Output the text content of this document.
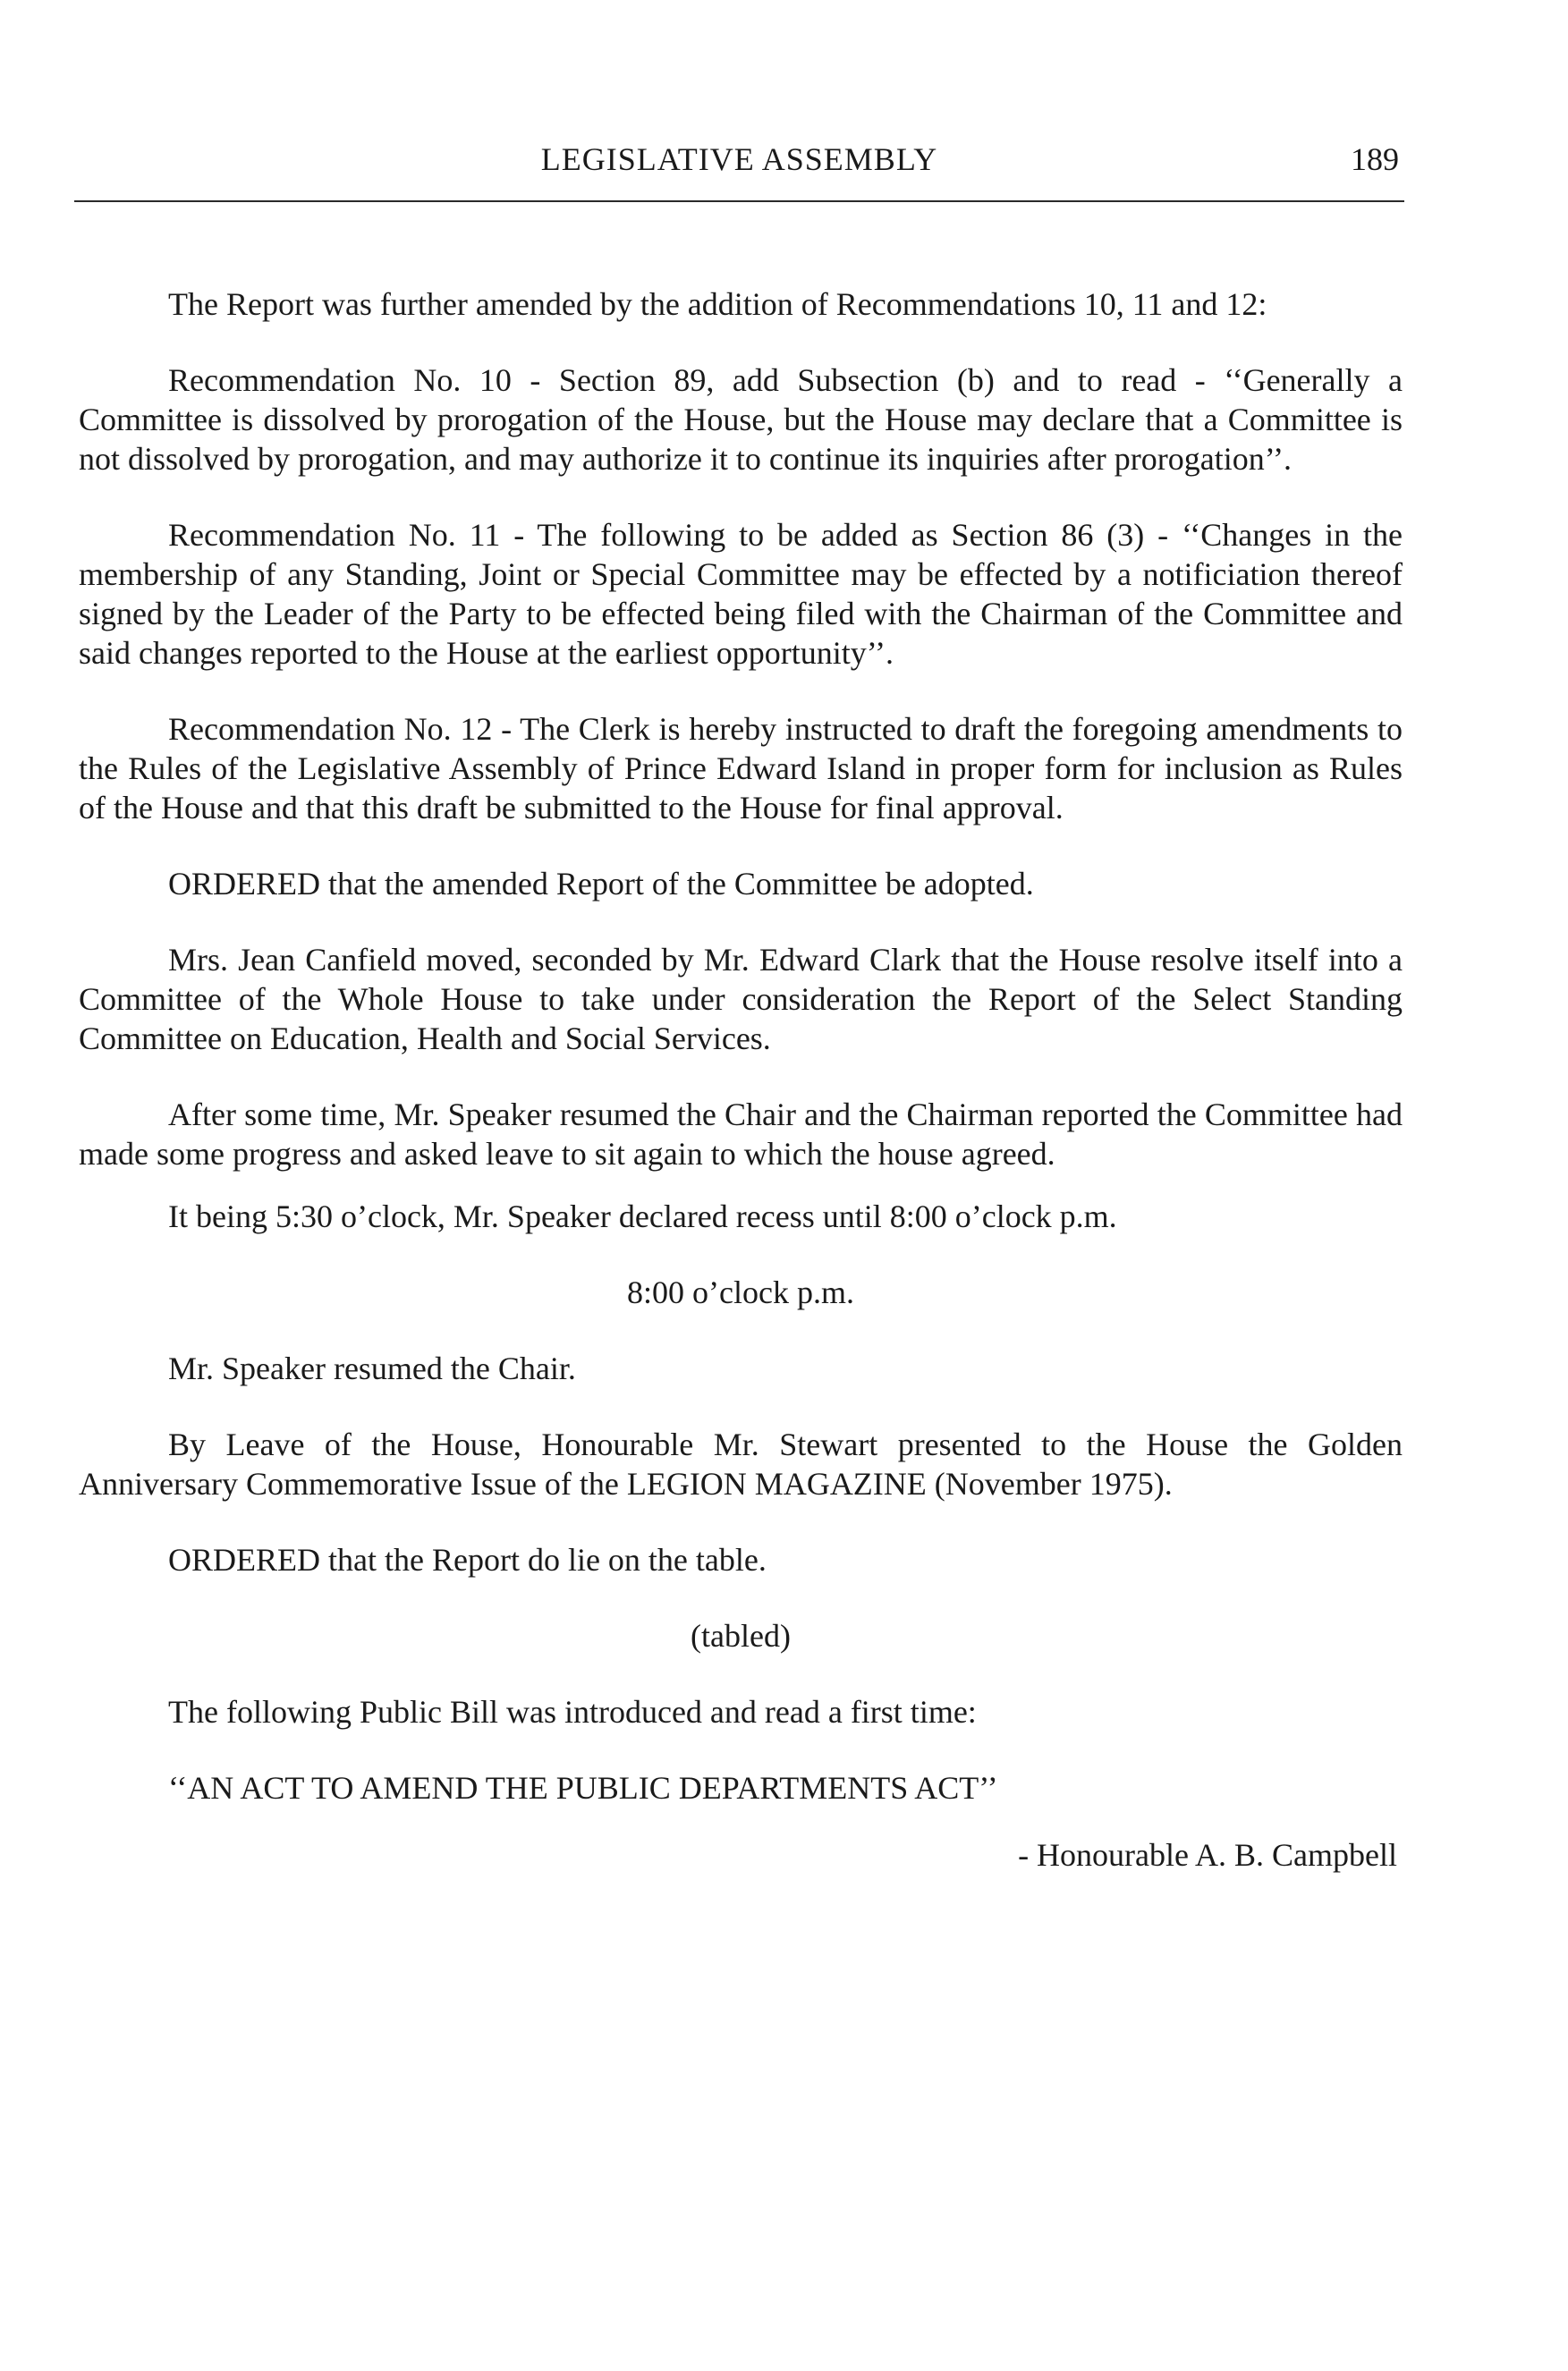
LEGISLATIVE ASSEMBLY	189

The Report was further amended by the addition of Recommendations 10, 11 and 12:

Recommendation No. 10 - Section 89, add Subsection (b) and to read - ‘‘Generally a Committee is dissolved by prorogation of the House, but the House may declare that a Committee is not dissolved by prorogation, and may authorize it to continue its inquiries after prorogation’’.

Recommendation No. 11 - The following to be added as Section 86 (3) - ‘‘Changes in the membership of any Standing, Joint or Special Committee may be effected by a notificiation thereof signed by the Leader of the Party to be effected being filed with the Chairman of the Committee and said changes reported to the House at the earliest opportunity’’.

Recommendation No. 12 - The Clerk is hereby instructed to draft the foregoing amendments to the Rules of the Legislative Assembly of Prince Edward Island in proper form for inclusion as Rules of the House and that this draft be submitted to the House for final approval.

ORDERED that the amended Report of the Committee be adopted.

Mrs. Jean Canfield moved, seconded by Mr. Edward Clark that the House resolve itself into a Committee of the Whole House to take under consideration the Report of the Select Standing Committee on Education, Health and Social Services.

After some time, Mr. Speaker resumed the Chair and the Chairman reported the Committee had made some progress and asked leave to sit again to which the house agreed.

It being 5:30 o’clock, Mr. Speaker declared recess until 8:00 o’clock p.m.

8:00 o’clock p.m.

Mr. Speaker resumed the Chair.

By Leave of the House, Honourable Mr. Stewart presented to the House the Golden Anniversary Commemorative Issue of the LEGION MAGAZINE (November 1975).

ORDERED that the Report do lie on the table.

(tabled)

The following Public Bill was introduced and read a first time:

‘‘AN ACT TO AMEND THE PUBLIC DEPARTMENTS ACT’’

- Honourable A. B. Campbell
